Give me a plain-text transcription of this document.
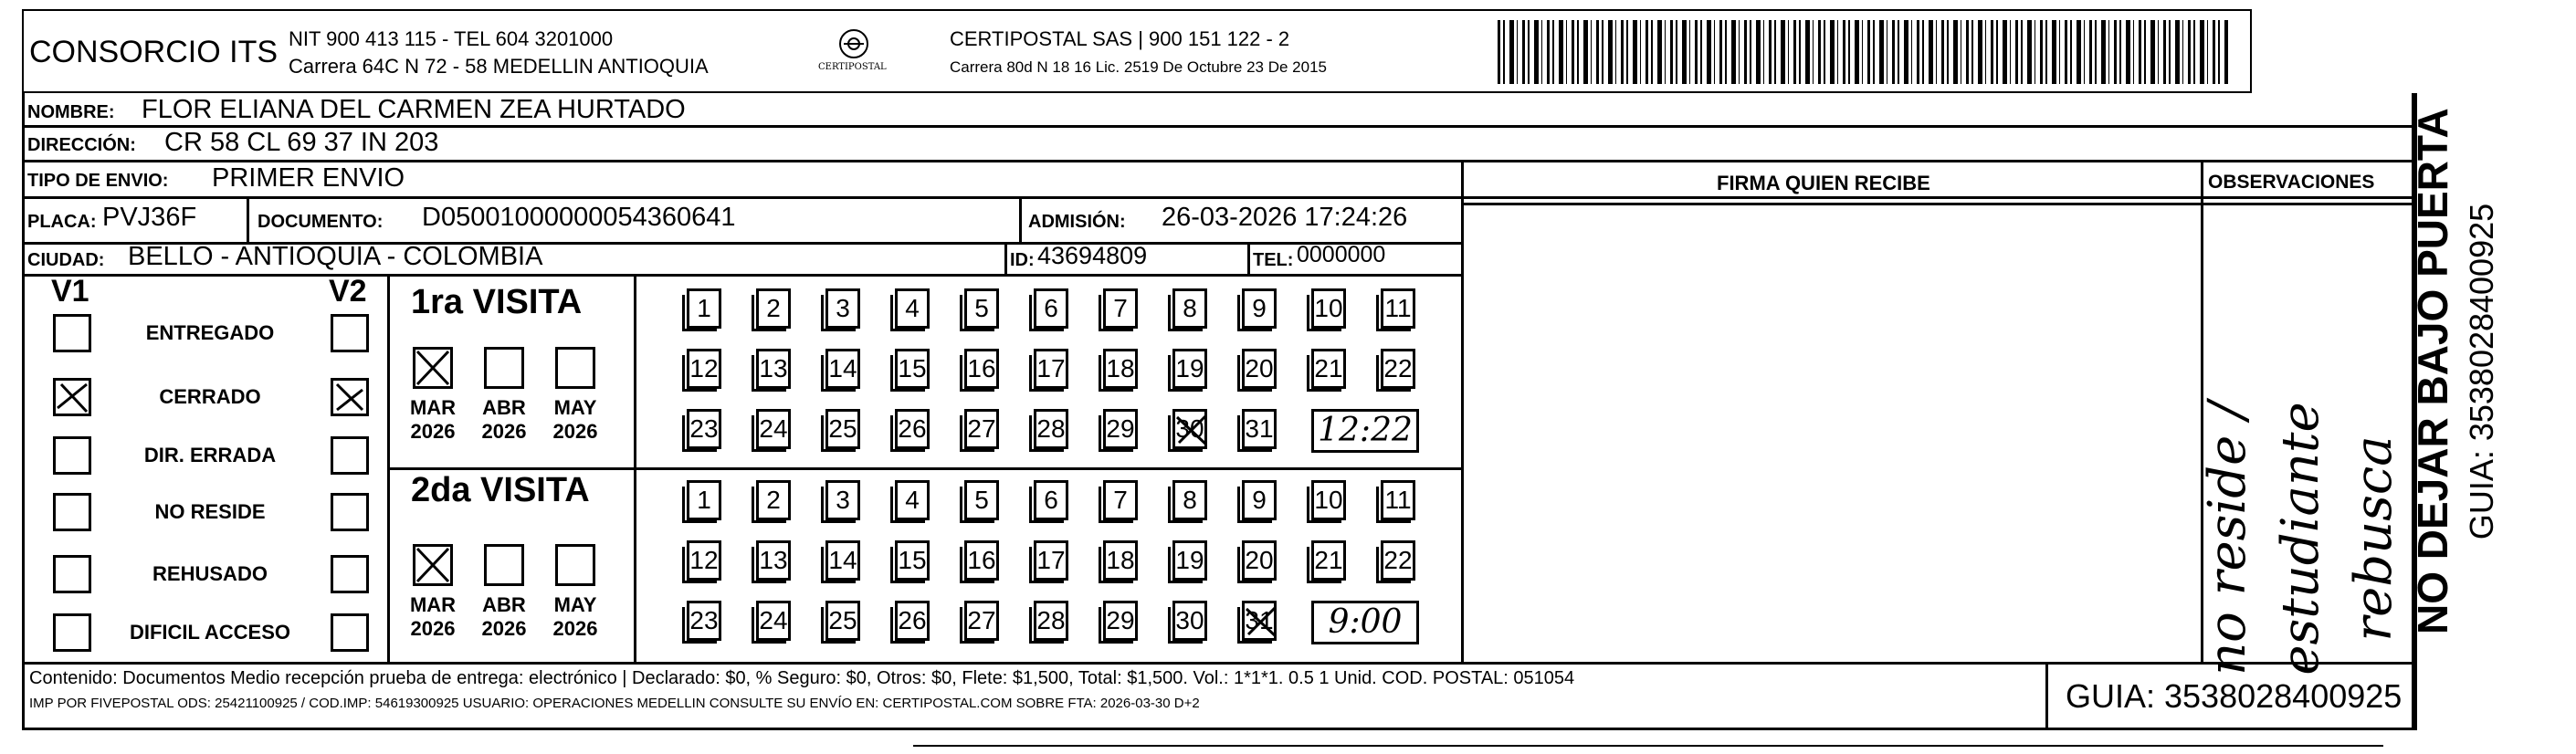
CONSORCIO ITS NIT 900 413 115 - TEL 604 3201000
Carrera 64C N 72 - 58 MEDELLIN ANTIOQUIA	CERTIPOSTAL
CERTIPOSTAL SAS | 900 151 122 - 2
Carrera 80d N 18 16 Lic. 2519 De Octubre 23 De 2015
NOMBRE: FLOR ELIANA DEL CARMEN ZEA HURTADO
DIRECCIÓN: CR 58 CL 69 37 IN 203
TIPO DE ENVIO: PRIMER ENVIO	FIRMA QUIEN RECIBE	OBSERVACIONES
PLACA: PVJ36F	DOCUMENTO: D05001000000054360641	ADMISIÓN: 26-03-2026 17:24:26
CIUDAD: BELLO - ANTIOQUIA - COLOMBIA	ID: 43694809	TEL: 0000000
V1	V2
ENTREGADO
CERRADO
DIR. ERRADA
NO RESIDE
REHUSADO
DIFICIL ACCESO
1ra VISITA
2da VISITA
MAR
2026
ABR
2026
MAY
2026
MAR
2026
ABR
2026
MAY
2026
1	2	3	4	5	6	7	8	9	10 11
12 13 14 15 16 17 18 19 20 21 22
23 24 25 26 27 28 29 30 31 12:22
1	2	3	4	5	6	7	8	9	10 11
12 13 14 15 16 17 18 19 20 21 22
23 24 25 26 27 28 29 30 31	9:00	no reside / estudiante rebusca NO DEJAR BAJO PUERTA GUIA: 3538028400925
Contenido: Documentos Medio recepción prueba de entrega: electrónico | Declarado: $0, % Seguro: $0, Otros: $0, Flete: $1,500, Total: $1,500. Vol.: 1*1*1. 0.5 1 Unid. COD. POSTAL: 051054
IMP POR FIVEPOSTAL ODS: 25421100925 / COD.IMP: 54619300925 USUARIO: OPERACIONES MEDELLIN CONSULTE SU ENVÍO EN: CERTIPOSTAL.COM SOBRE FTA: 2026-03-30 D+2	GUIA: 3538028400925
